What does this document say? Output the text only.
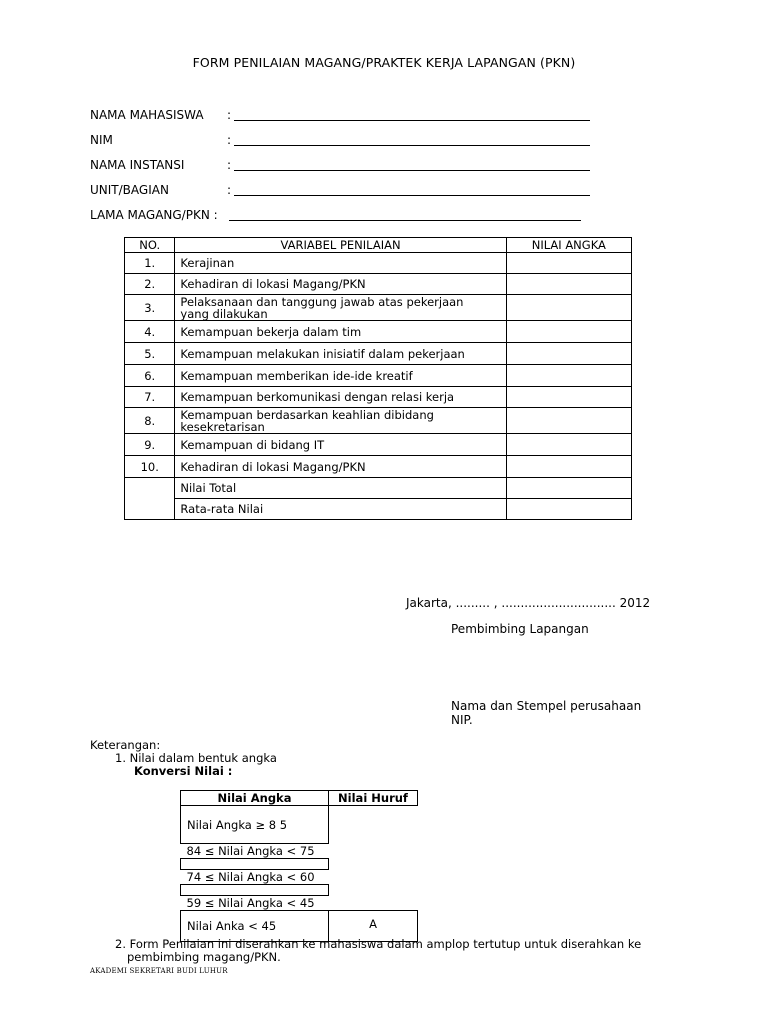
FORM PENILAIAN MAGANG/PRAKTEK KERJA LAPANGAN (PKN)
NAMA MAHASISWA :
NIM	:
NAMA INSTANSI	:
UNIT/BAGIAN	:
LAMA MAGANG/PKN :
NO.	VARIABEL PENILAIAN	NILAI ANGKA
1.	Kerajinan	
2.	Kehadiran di lokasi Magang/PKN	
3.	Pelaksanaan dan tanggung jawab atas pekerjaan
yang dilakukan	

4.	Kemampuan bekerja dalam tim	
5.	Kemampuan melakukan inisiatif dalam pekerjaan	
6.	Kemampuan memberikan ide-ide kreatif	
7.	Kemampuan berkomunikasi dengan relasi kerja	
8.	Kemampuan berdasarkan keahlian dibidang
kesekretarisan	

9.	Kemampuan di bidang IT	
10.	Kehadiran di lokasi Magang/PKN	
	Nilai Total	
	Rata-rata Nilai	
Jakarta, ......... , .............................. 2012
Pembimbing Lapangan
Nama dan Stempel perusahaan
NIP.
Keterangan:
1. Nilai dalam bentuk angka
Konversi Nilai :
Nilai Angka	Nilai Huruf
Nilai Angka ≥ 8 5	
84 ≤ Nilai Angka < 75	

74 ≤ Nilai Angka < 60	

59 ≤ Nilai Angka < 45	
Nilai Anka < 45	A
2. Form Penilaian ini diserahkan ke mahasiswa dalam amplop tertutup untuk diserahkan ke
pembimbing magang/PKN.
AKADEMI SEKRETARI BUDI LUHUR
